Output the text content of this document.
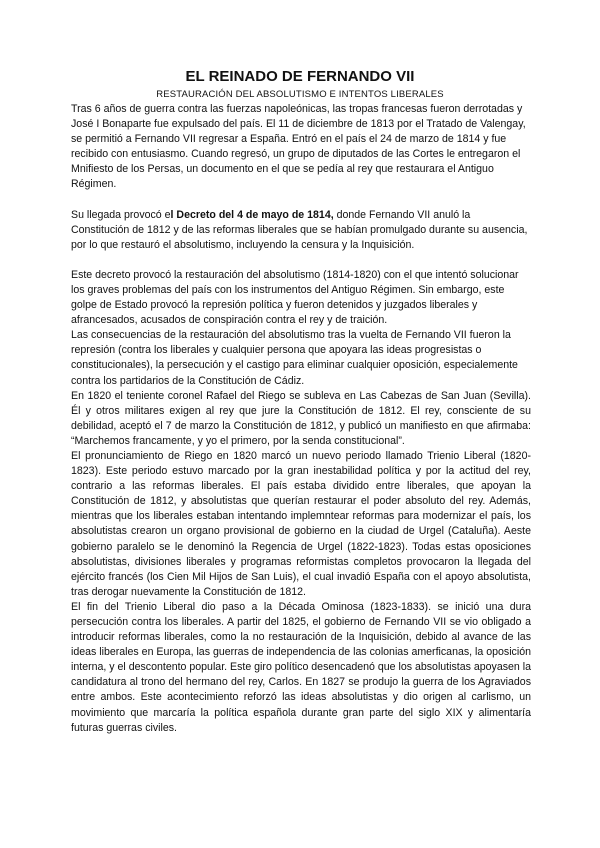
EL REINADO DE FERNANDO VII
RESTAURACIÓN DEL ABSOLUTISMO E INTENTOS LIBERALES

Tras 6 años de guerra contra las fuerzas napoleónicas, las tropas francesas fueron derrotadas y José I Bonaparte fue expulsado del país. El 11 de diciembre de 1813 por el Tratado de Valengay, se permitió a Fernando VII regresar a España. Entró en el país el 24 de marzo de 1814 y fue recibido con entusiasmo. Cuando regresó, un grupo de diputados de las Cortes le entregaron el Mnifiesto de los Persas, un documento en el que se pedía al rey que restaurara el Antiguo Régimen.

Su llegada provocó el Decreto del 4 de mayo de 1814, donde Fernando VII anuló la Constitución de 1812 y de las reformas liberales que se habían promulgado durante su ausencia, por lo que restauró el absolutismo, incluyendo la censura y la Inquisición.

Este decreto provocó la restauración del absolutismo (1814-1820) con el que intentó solucionar los graves problemas del país con los instrumentos del Antiguo Régimen. Sin embargo, este golpe de Estado provocó la represión política y fueron detenidos y juzgados liberales y afrancesados, acusados de conspiración contra el rey y de traición.

Las consecuencias de la restauración del absolutismo tras la vuelta de Fernando VII fueron la represión (contra los liberales y cualquier persona que apoyara las ideas progresistas o constitucionales), la persecución y el castigo para eliminar cualquier oposición, especialemente contra los partidarios de la Constitución de Cádiz.

En 1820 el teniente coronel Rafael del Riego se subleva en Las Cabezas de San Juan (Sevilla). Él y otros militares exigen al rey que jure la Constitución de 1812. El rey, consciente de su debilidad, aceptó el 7 de marzo la Constitución de 1812, y publicó un manifiesto en que afirmaba: “Marchemos francamente, y yo el primero, por la senda constitucional”.

El pronunciamiento de Riego en 1820 marcó un nuevo periodo llamado Trienio Liberal (1820-1823). Este periodo estuvo marcado por la gran inestabilidad política y por la actitud del rey, contrario a las reformas liberales. El país estaba dividido entre liberales, que apoyan la Constitución de 1812, y absolutistas que querían restaurar el poder absoluto del rey. Además, mientras que los liberales estaban intentando implemntear reformas para modernizar el país, los absolutistas crearon un organo provisional de gobierno en la ciudad de Urgel (Cataluña). Aeste gobierno paralelo se le denominó la Regencia de Urgel (1822-1823). Todas estas oposiciones absolutistas, divisiones liberales y programas reformistas completos provocaron la llegada del ejército francés (los Cien Mil Hijos de San Luis), el cual invadió España con el apoyo absolutista, tras derogar nuevamente la Constitución de 1812.

El fin del Trienio Liberal dio paso a la Década Ominosa (1823-1833). se inició una dura persecución contra los liberales. A partir del 1825, el gobierno de Fernando VII se vio obligado a introducir reformas liberales, como la no restauración de la Inquisición, debido al avance de las ideas liberales en Europa, las guerras de independencia de las colonias amerficanas, la oposición interna, y el descontento popular. Este giro político desencadenó que los absolutistas apoyasen la candidatura al trono del hermano del rey, Carlos. En 1827 se produjo la guerra de los Agraviados entre ambos. Este acontecimiento reforzó las ideas absolutistas y dio origen al carlismo, un movimiento que marcaría la política española durante gran parte del siglo XIX y alimentaría futuras guerras civiles.
